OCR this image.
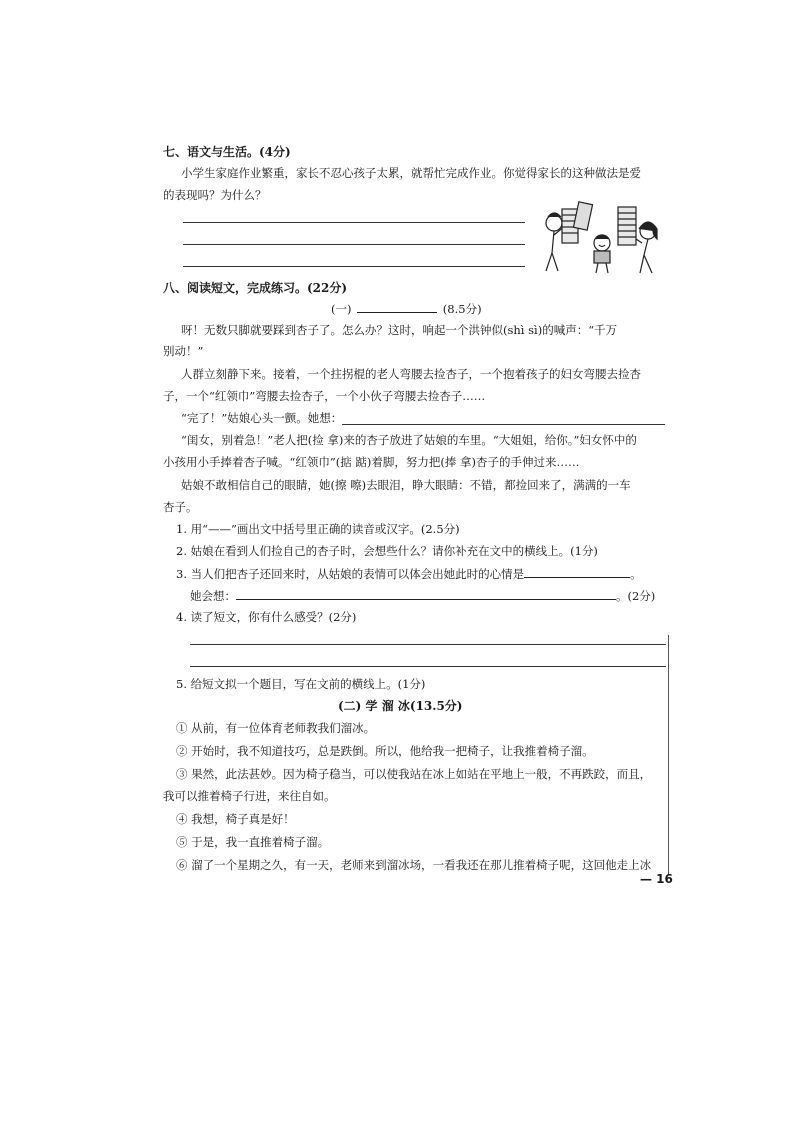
七、语文与生活。(4分)
小学生家庭作业繁重，家长不忍心孩子太累，就帮忙完成作业。你觉得家长的这种做法是爱
的表现吗？为什么？
八、阅读短文，完成练习。(22分)
(一)	(8.5分)
呀！无数只脚就要踩到杏子了。怎么办？这时，响起一个洪钟似(shì sì)的喊声：“千万
别动！”
人群立刻静下来。接着，一个拄拐棍的老人弯腰去捡杏子，一个抱着孩子的妇女弯腰去捡杏
子，一个“红领巾”弯腰去捡杏子，一个小伙子弯腰去捡杏子……
“完了！”姑娘心头一颤。她想：
“闺女，别着急！”老人把(捡 拿)来的杏子放进了姑娘的车里。“大姐姐，给你。”妇女怀中的
小孩用小手捧着杏子喊。“红领巾”(掂 踮)着脚，努力把(捧 拿)杏子的手伸过来……
姑娘不敢相信自己的眼睛，她(擦 嚓)去眼泪，睁大眼睛：不错，都捡回来了，满满的一车
杏子。
1. 用“——”画出文中括号里正确的读音或汉字。(2.5分)
2. 姑娘在看到人们捡自己的杏子时，会想些什么？请你补充在文中的横线上。(1分)
3. 当人们把杏子还回来时，从姑娘的表情可以体会出她此时的心情是	。
她会想：	。(2分)
4. 读了短文，你有什么感受？(2分)
5. 给短文拟一个题目，写在文前的横线上。(1分)
(二) 学 溜 冰(13.5分)
① 从前，有一位体育老师教我们溜冰。
② 开始时，我不知道技巧，总是跌倒。所以，他给我一把椅子，让我推着椅子溜。
③ 果然，此法甚妙。因为椅子稳当，可以使我站在冰上如站在平地上一般，不再跌跤，而且，
我可以推着椅子行进，来往自如。
④ 我想，椅子真是好！
⑤ 于是，我一直推着椅子溜。
⑥ 溜了一个星期之久，有一天，老师来到溜冰场，一看我还在那儿推着椅子呢，这回他走上冰
— 16
